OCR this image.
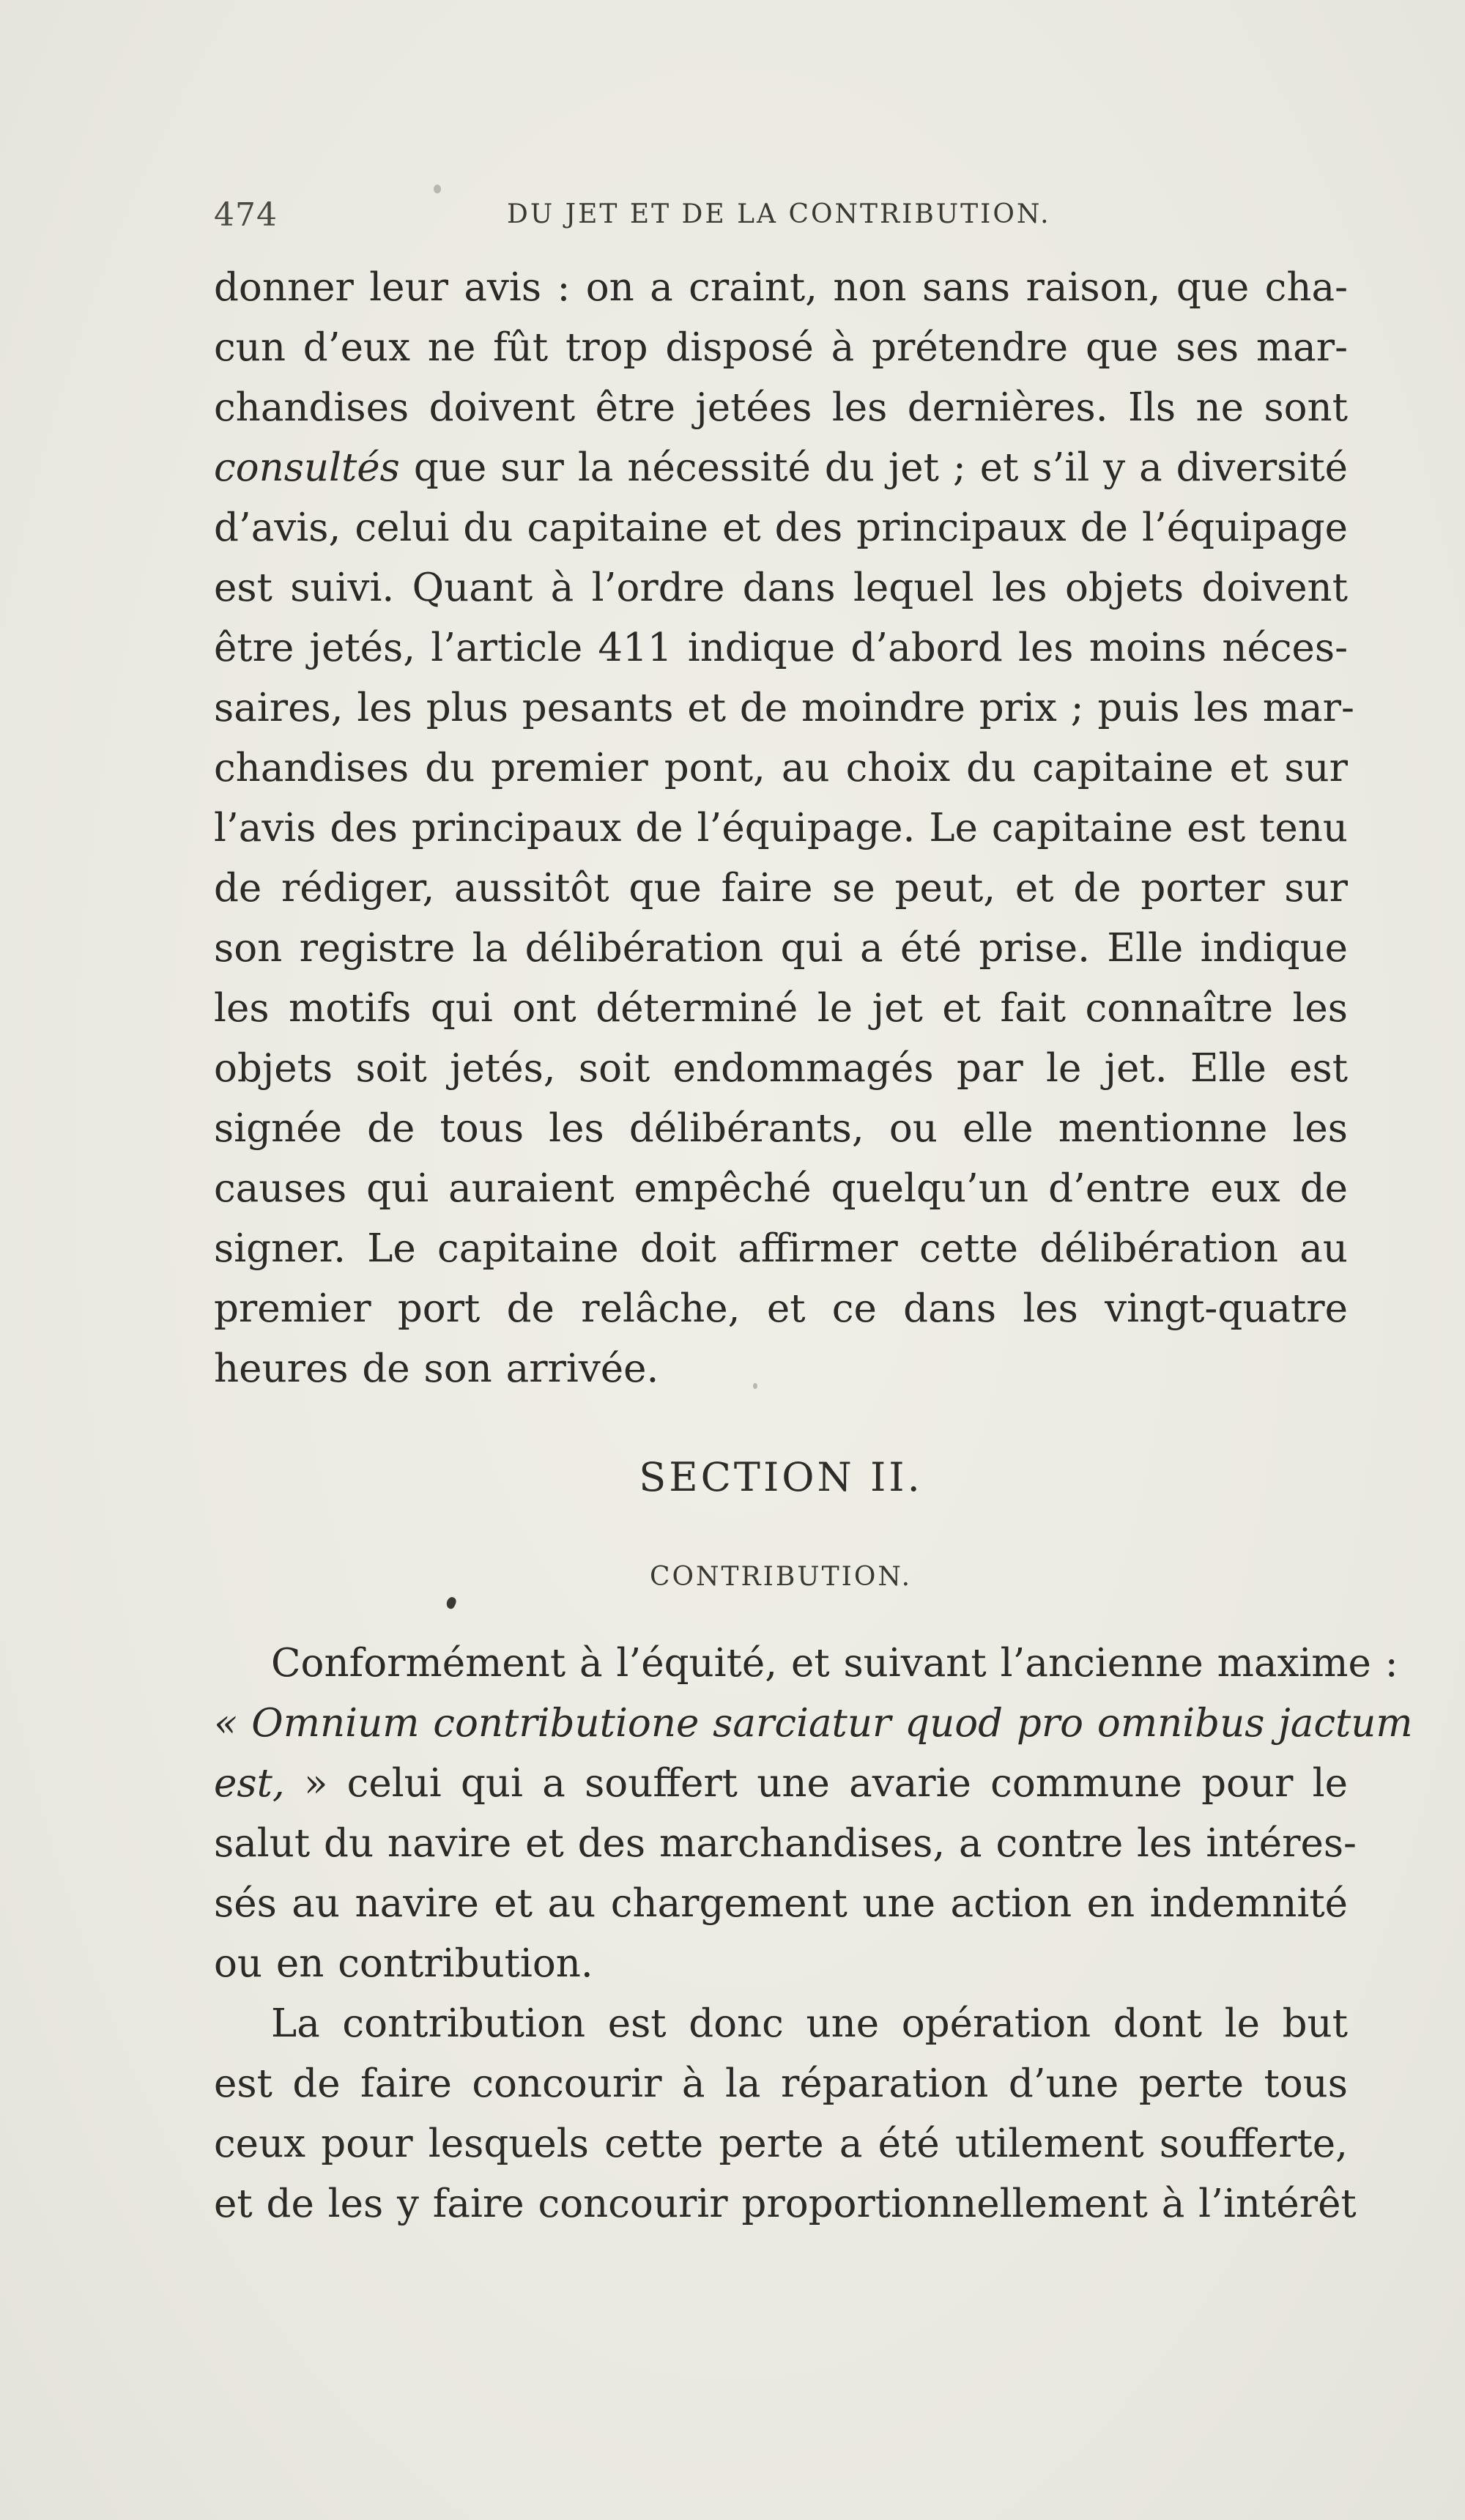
474	DU JET ET DE LA CONTRIBUTION.
donner leur avis : on a craint, non sans raison, que cha-
cun d’eux ne fût trop disposé à prétendre que ses mar-
chandises doivent être jetées les dernières. Ils ne sont
consultés que sur la nécessité du jet ; et s’il y a diversité
d’avis, celui du capitaine et des principaux de l’équipage
est suivi. Quant à l’ordre dans lequel les objets doivent
être jetés, l’article 411 indique d’abord les moins néces-
saires, les plus pesants et de moindre prix ; puis les mar-
chandises du premier pont, au choix du capitaine et sur
l’avis des principaux de l’équipage. Le capitaine est tenu
de rédiger, aussitôt que faire se peut, et de porter sur
son registre la délibération qui a été prise. Elle indique
les motifs qui ont déterminé le jet et fait connaître les
objets soit jetés, soit endommagés par le jet. Elle est
signée de tous les délibérants, ou elle mentionne les
causes qui auraient empêché quelqu’un d’entre eux de
signer. Le capitaine doit affirmer cette délibération au
premier port de relâche, et ce dans les vingt-quatre
heures de son arrivée.
SECTION II.
CONTRIBUTION.
Conformément à l’équité, et suivant l’ancienne maxime :
« Omnium contributione sarciatur quod pro omnibus jactum
est, » celui qui a souffert une avarie commune pour le
salut du navire et des marchandises, a contre les intéres-
sés au navire et au chargement une action en indemnité
ou en contribution.
La contribution est donc une opération dont le but
est de faire concourir à la réparation d’une perte tous
ceux pour lesquels cette perte a été utilement soufferte,
et de les y faire concourir proportionnellement à l’intérêt
